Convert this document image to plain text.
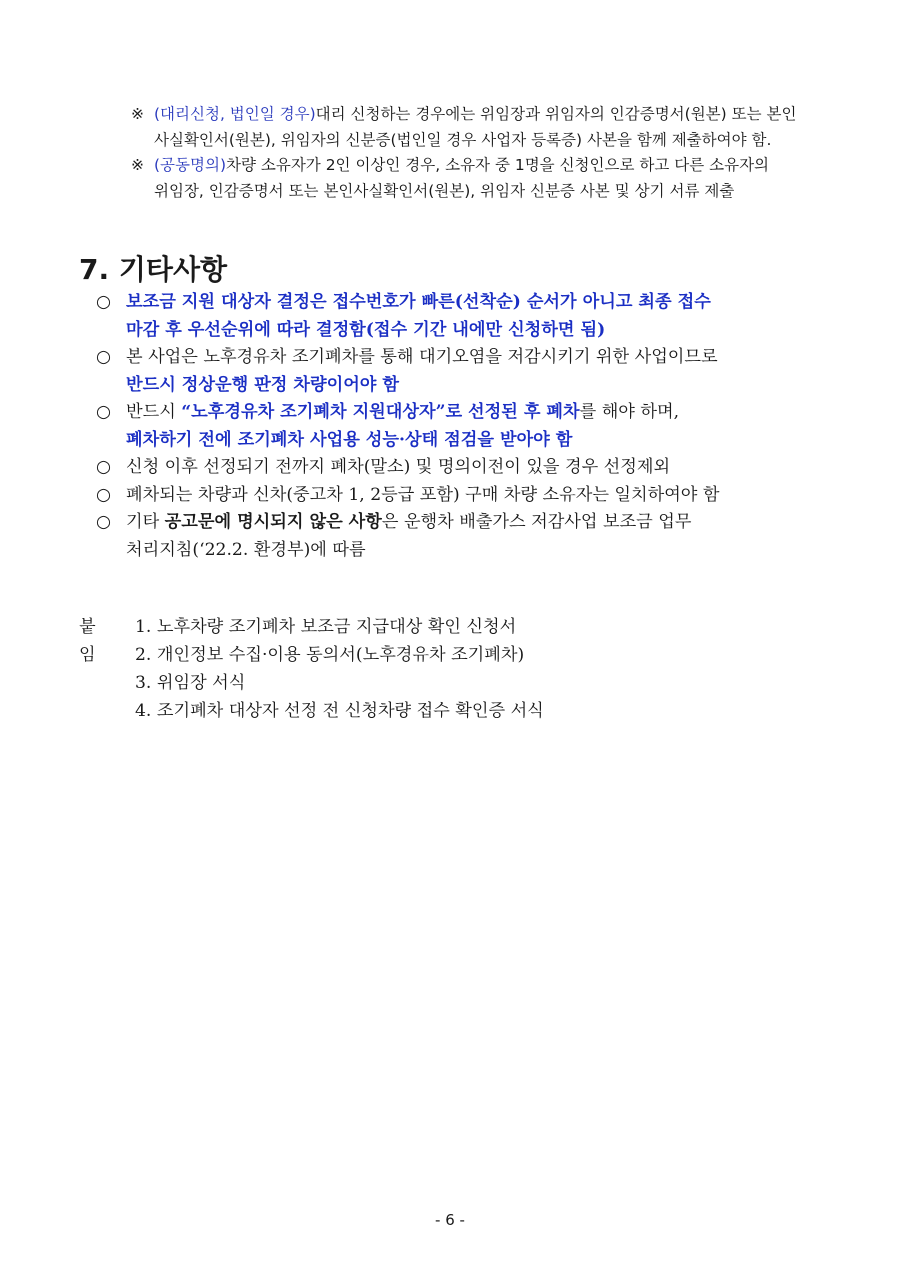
※ (대리신청, 법인일 경우)대리 신청하는 경우에는 위임장과 위임자의 인감증명서(원본) 또는 본인
사실확인서(원본), 위임자의 신분증(법인일 경우 사업자 등록증) 사본을 함께 제출하여야 함.
※ (공동명의)차량 소유자가 2인 이상인 경우, 소유자 중 1명을 신청인으로 하고 다른 소유자의
위임장, 인감증명서 또는 본인사실확인서(원본), 위임자 신분증 사본 및 상기 서류 제출
7. 기타사항

○ 보조금 지원 대상자 결정은 접수번호가 빠른(선착순) 순서가 아니고 최종 접수
마감 후 우선순위에 따라 결정함(접수 기간 내에만 신청하면 됨)

○ 본 사업은 노후경유차 조기폐차를 통해 대기오염을 저감시키기 위한 사업이므로
반드시 정상운행 판정 차량이어야 함

○ 반드시 “노후경유차 조기폐차 지원대상자”로 선정된 후 폐차를 해야 하며,
폐차하기 전에 조기폐차 사업용 성능·상태 점검을 받아야 함

○ 신청 이후 선정되기 전까지 폐차(말소) 및 명의이전이 있을 경우 선정제외

○ 폐차되는 차량과 신차(중고차 1, 2등급 포함) 구매 차량 소유자는 일치하여야 함

○ 기타 공고문에 명시되지 않은 사항은 운행차 배출가스 저감사업 보조금 업무
처리지침(‘22.2. 환경부)에 따름

붙임
1. 노후차량 조기폐차 보조금 지급대상 확인 신청서
2. 개인정보 수집·이용 동의서(노후경유차 조기폐차)
3. 위임장 서식
4. 조기폐차 대상자 선정 전 신청차량 접수 확인증 서식
- 6 -
